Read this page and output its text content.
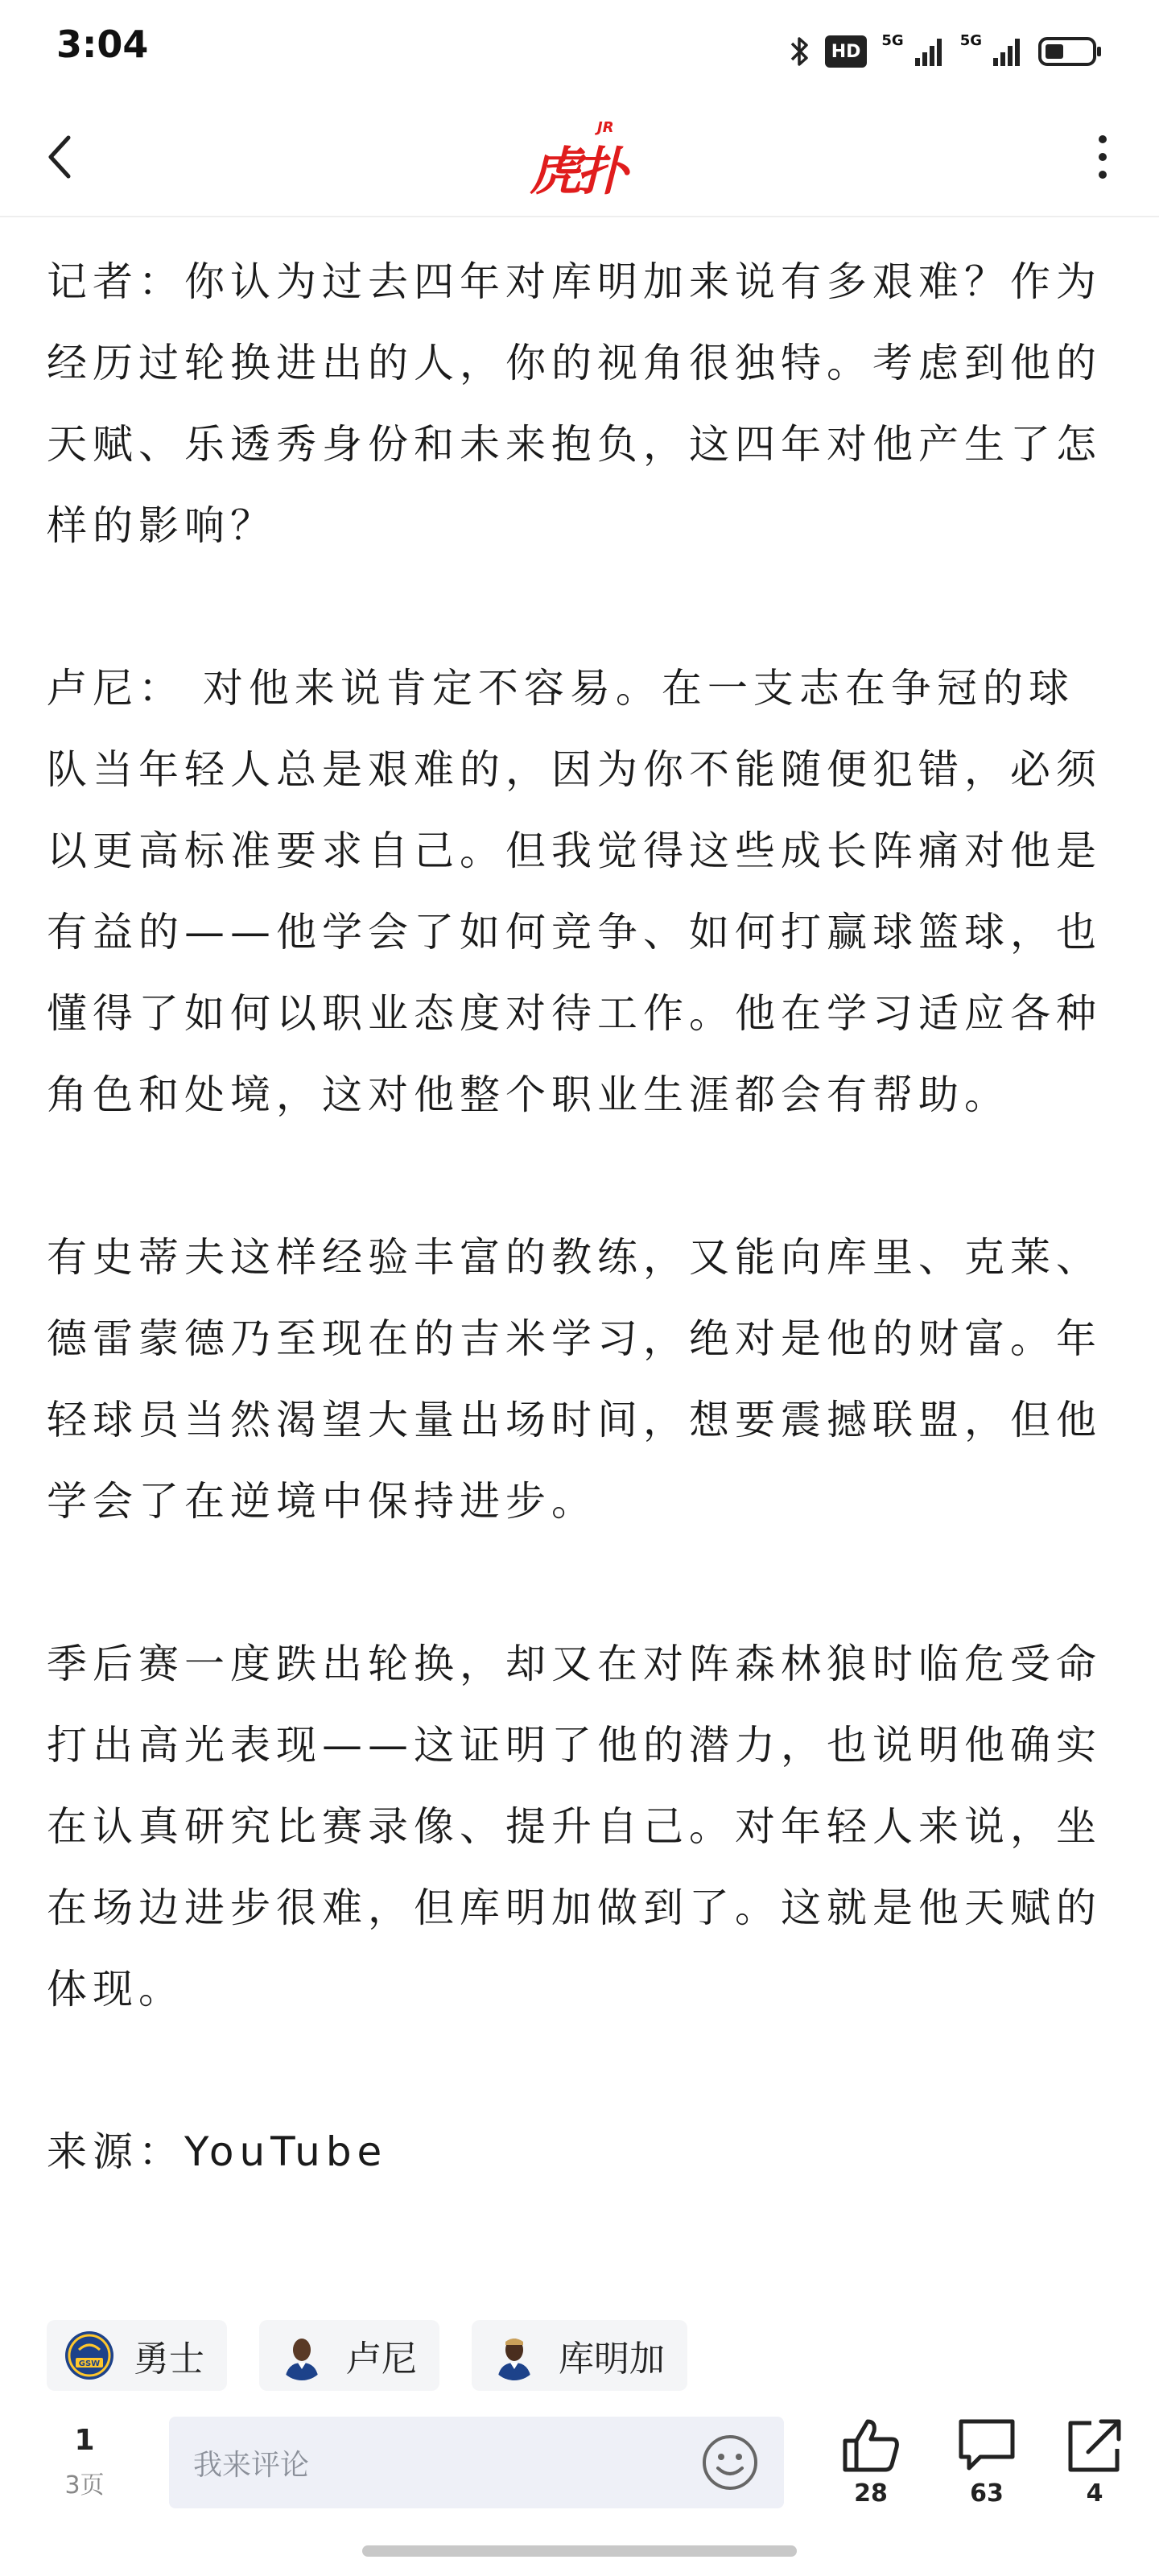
3:04	HD
5G	5G
虎扑
JR

记者：你认为过去四年对库明加来说有多艰难？作为经历过轮换进出的人，你的视角很独特。考虑到他的天赋、乐透秀身份和未来抱负，这四年对他产生了怎样的影响？

卢尼： 对他来说肯定不容易。在一支志在争冠的球队当年轻人总是艰难的，因为你不能随便犯错，必须以更高标准要求自己。但我觉得这些成长阵痛对他是有益的——他学会了如何竞争、如何打赢球篮球，也懂得了如何以职业态度对待工作。他在学习适应各种角色和处境，这对他整个职业生涯都会有帮助。

有史蒂夫这样经验丰富的教练，又能向库里、克莱、德雷蒙德乃至现在的吉米学习，绝对是他的财富。年轻球员当然渴望大量出场时间，想要震撼联盟，但他学会了在逆境中保持进步。

季后赛一度跌出轮换，却又在对阵森林狼时临危受命打出高光表现——这证明了他的潜力，也说明他确实在认真研究比赛录像、提升自己。对年轻人来说，坐在场边进步很难，但库明加做到了。这就是他天赋的体现。

来源：YouTube

GSW 勇士	卢尼	库明加
1
3页
我来评论
28	63	4
